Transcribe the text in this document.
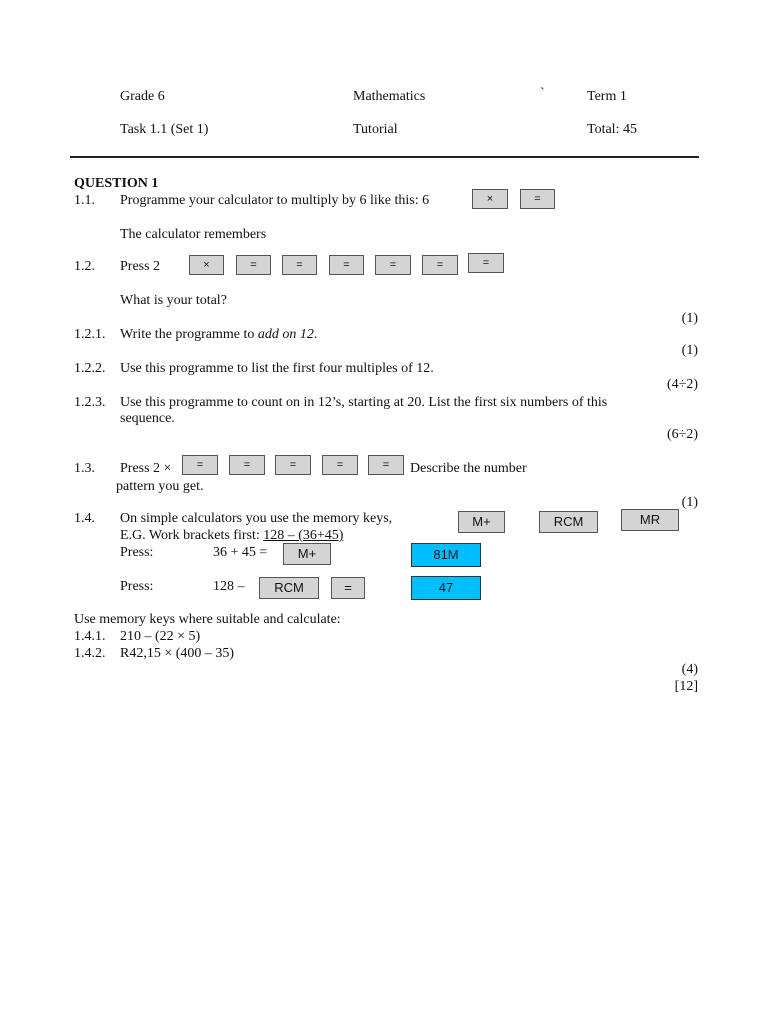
Grade 6	Mathematics	`	Term 1
Task 1.1 (Set 1)	Tutorial	Total: 45
QUESTION 1
1.1. Programme your calculator to multiply by 6 like this: 6	×	=
The calculator remembers
1.2. Press 2	×	=	=	=	=	=	=
What is your total?
(1)
1.2.1. Write the programme to add on 12.
(1)
1.2.2. Use this programme to list the first four multiples of 12.
(4÷2)
1.2.3. Use this programme to count on in 12’s, starting at 20. List the first six numbers of this
sequence.
(6÷2)
1.3. Press 2 ×	=	=	=	=	=	Describe the number
pattern you get.
(1)
1.4. On simple calculators you use the memory keys,	M+	RCM	MR
E.G. Work brackets first: 128 – (36+45)
Press:	36 + 45 =	M+	81M
Press:	128 –	RCM	=	47
Use memory keys where suitable and calculate:
1.4.1. 210 – (22 × 5)
1.4.2. R42,15 × (400 – 35)
(4)
[12]
